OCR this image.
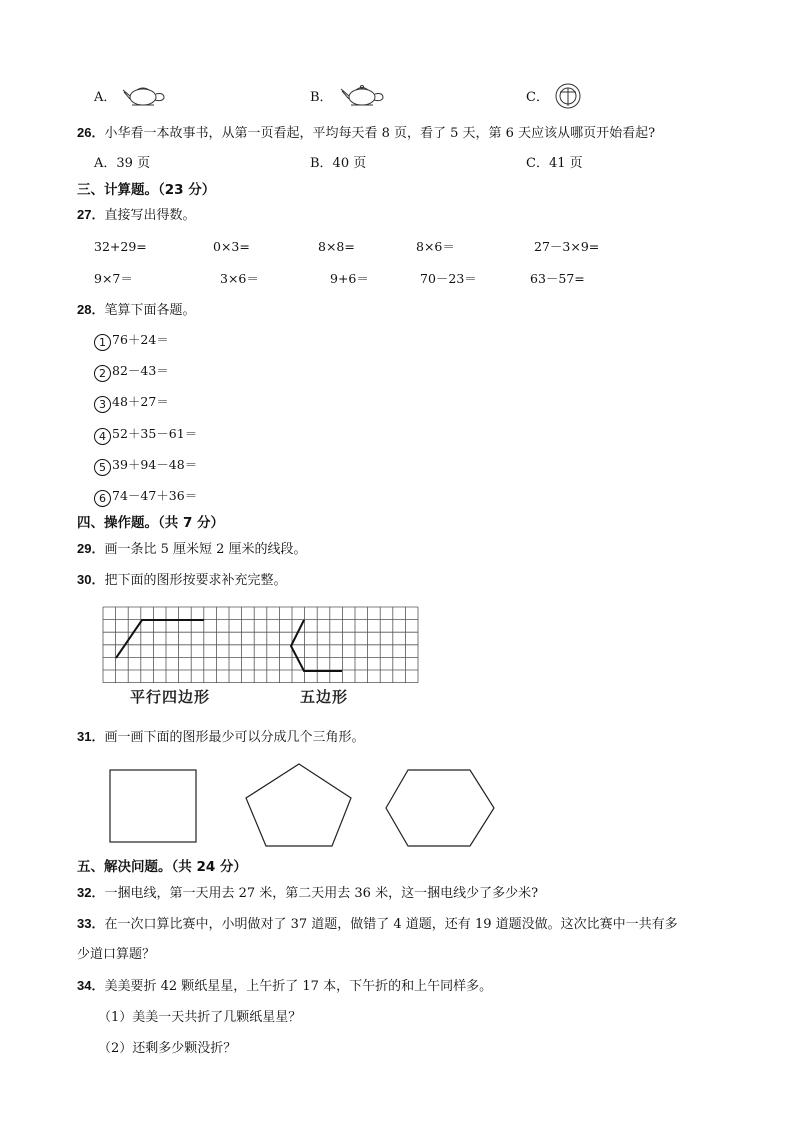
A．	B．	C．
26．小华看一本故事书，从第一页看起，平均每天看 8 页，看了 5 天，第 6 天应该从哪页开始看起?
A．39 页	B．40 页	C．41 页
三、计算题。（23 分）
27．直接写出得数。
32+29=	0×3=	8×8=	8×6＝	27－3×9=
9×7＝	3×6＝	9+6＝	70－23＝	63－57=
28．笔算下面各题。
1 76＋24＝
2 82－43＝
3 48＋27＝
4 52＋35－61＝
5 39＋94－48＝
6 74－47＋36＝
四、操作题。（共 7 分）
29．画一条比 5 厘米短 2 厘米的线段。
30．把下面的图形按要求补充完整。
平行四边形	五边形
31．画一画下面的图形最少可以分成几个三角形。
五、解决问题。（共 24 分）
32．一捆电线，第一天用去 27 米，第二天用去 36 米，这一捆电线少了多少米?
33．在一次口算比赛中，小明做对了 37 道题，做错了 4 道题，还有 19 道题没做。这次比赛中一共有多
少道口算题？
34．美美要折 42 颗纸星星，上午折了 17 本，下午折的和上午同样多。
（1）美美一天共折了几颗纸星星？
（2）还剩多少颗没折？
